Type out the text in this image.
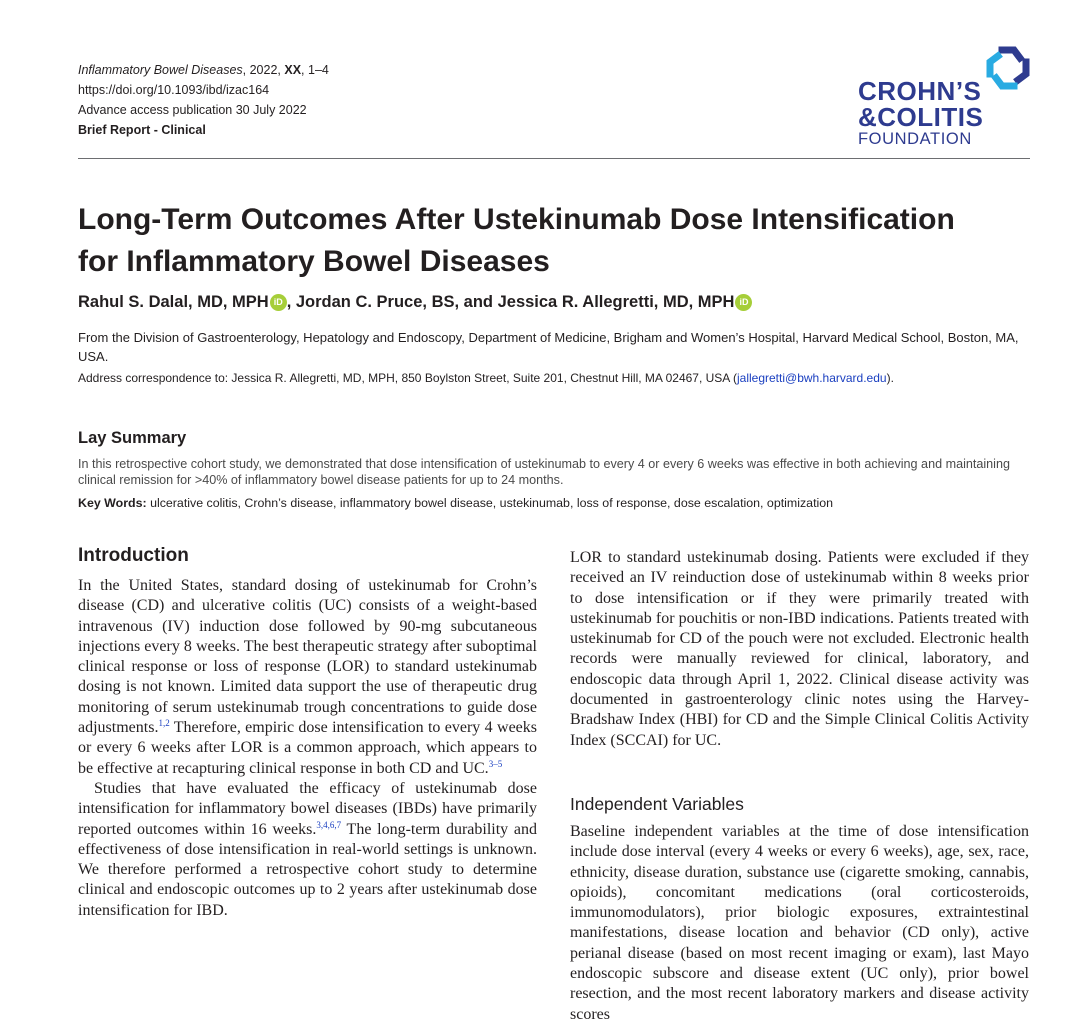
Inflammatory Bowel Diseases, 2022, XX, 1–4
https://doi.org/10.1093/ibd/izac164
Advance access publication 30 July 2022
Brief Report - Clinical
CROHN’S
&COLITIS
FOUNDATION
Long-Term Outcomes After Ustekinumab Dose Intensification for Inflammatory Bowel Diseases
Rahul S. Dalal, MD, MPH iD , Jordan C. Pruce, BS, and Jessica R. Allegretti, MD, MPH iD
From the Division of Gastroenterology, Hepatology and Endoscopy, Department of Medicine, Brigham and Women’s Hospital, Harvard Medical School, Boston, MA, USA.
Address correspondence to: Jessica R. Allegretti, MD, MPH, 850 Boylston Street, Suite 201, Chestnut Hill, MA 02467, USA (jallegretti@bwh.harvard.edu).
Lay Summary
In this retrospective cohort study, we demonstrated that dose intensification of ustekinumab to every 4 or every 6 weeks was effective in both achieving and maintaining clinical remission for >40% of inflammatory bowel disease patients for up to 24 months.
Key Words: ulcerative colitis, Crohn’s disease, inflammatory bowel disease, ustekinumab, loss of response, dose escalation, optimization
Introduction

In the United States, standard dosing of ustekinumab for Crohn’s disease (CD) and ulcerative colitis (UC) consists of a weight-based intravenous (IV) induction dose followed by 90-mg subcutaneous injections every 8 weeks. The best therapeutic strategy after suboptimal clinical response or loss of response (LOR) to standard ustekinumab dosing is not known. Limited data support the use of therapeutic drug monitoring of serum ustekinumab trough concentrations to guide dose adjustments.$^{1,2}$ Therefore, empiric dose intensification to every 4 weeks or every 6 weeks after LOR is a common approach, which appears to be effective at recapturing clinical response in both CD and UC.$^{3-5}$

Studies that have evaluated the efficacy of ustekinumab dose intensification for inflammatory bowel diseases (IBDs) have primarily reported outcomes within 16 weeks.$^{3,4,6,7}$ The long-term durability and effectiveness of dose intensification in real-world settings is unknown. We therefore performed a retrospective cohort study to determine clinical and endoscopic outcomes up to 2 years after ustekinumab dose intensification for IBD.

LOR to standard ustekinumab dosing. Patients were excluded if they received an IV reinduction dose of ustekinumab within 8 weeks prior to dose intensification or if they were primarily treated with ustekinumab for pouchitis or non-IBD indications. Patients treated with ustekinumab for CD of the pouch were not excluded. Electronic health records were manually reviewed for clinical, laboratory, and endoscopic data through April 1, 2022. Clinical disease activity was documented in gastroenterology clinic notes using the Harvey-Bradshaw Index (HBI) for CD and the Simple Clinical Colitis Activity Index (SCCAI) for UC.

Independent Variables

Baseline independent variables at the time of dose intensification include dose interval (every 4 weeks or every 6 weeks), age, sex, race, ethnicity, disease duration, substance use (cigarette smoking, cannabis, opioids), concomitant medications (oral corticosteroids, immunomodulators), prior biologic exposures, extraintestinal manifestations, disease location and behavior (CD only), active perianal disease (based on most recent imaging or exam), last Mayo endoscopic subscore and disease extent (UC only), prior bowel resection, and the most recent laboratory markers and disease activity scores
